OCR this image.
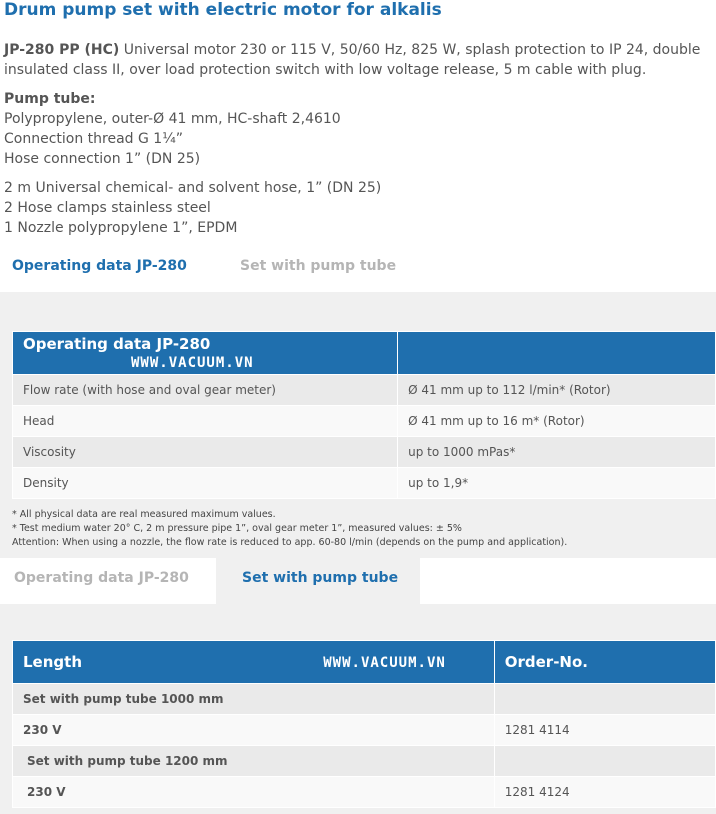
Drum pump set with electric motor for alkalis
JP-280 PP (HC) Universal motor 230 or 115 V, 50/60 Hz, 825 W, splash protection to IP 24, double insulated class II, over load protection switch with low voltage release, 5 m cable with plug.
Pump tube:
Polypropylene, outer-Ø 41 mm, HC-shaft 2,4610
Connection thread G 1¼”
Hose connection 1” (DN 25)
2 m Universal chemical- and solvent hose, 1” (DN 25)
2 Hose clamps stainless steel
1 Nozzle polypropylene 1”, EPDM
Operating data JP-280	Set with pump tube
Operating data JP-280 WWW.VACUUM.VN	
Flow rate (with hose and oval gear meter)	Ø 41 mm up to 112 l/min* (Rotor)
Head	Ø 41 mm up to 16 m* (Rotor)
Viscosity	up to 1000 mPas*
Density	up to 1,9*
* All physical data are real measured maximum values.
* Test medium water 20° C, 2 m pressure pipe 1”, oval gear meter 1”, measured values: ± 5%
Attention: When using a nozzle, the flow rate is reduced to app. 60-80 l/min (depends on the pump and application).
Operating data JP-280	Set with pump tube
Length WWW.VACUUM.VN	Order-No.
Set with pump tube 1000 mm	
230 V	1281 4114
Set with pump tube 1200 mm	
230 V	1281 4124
